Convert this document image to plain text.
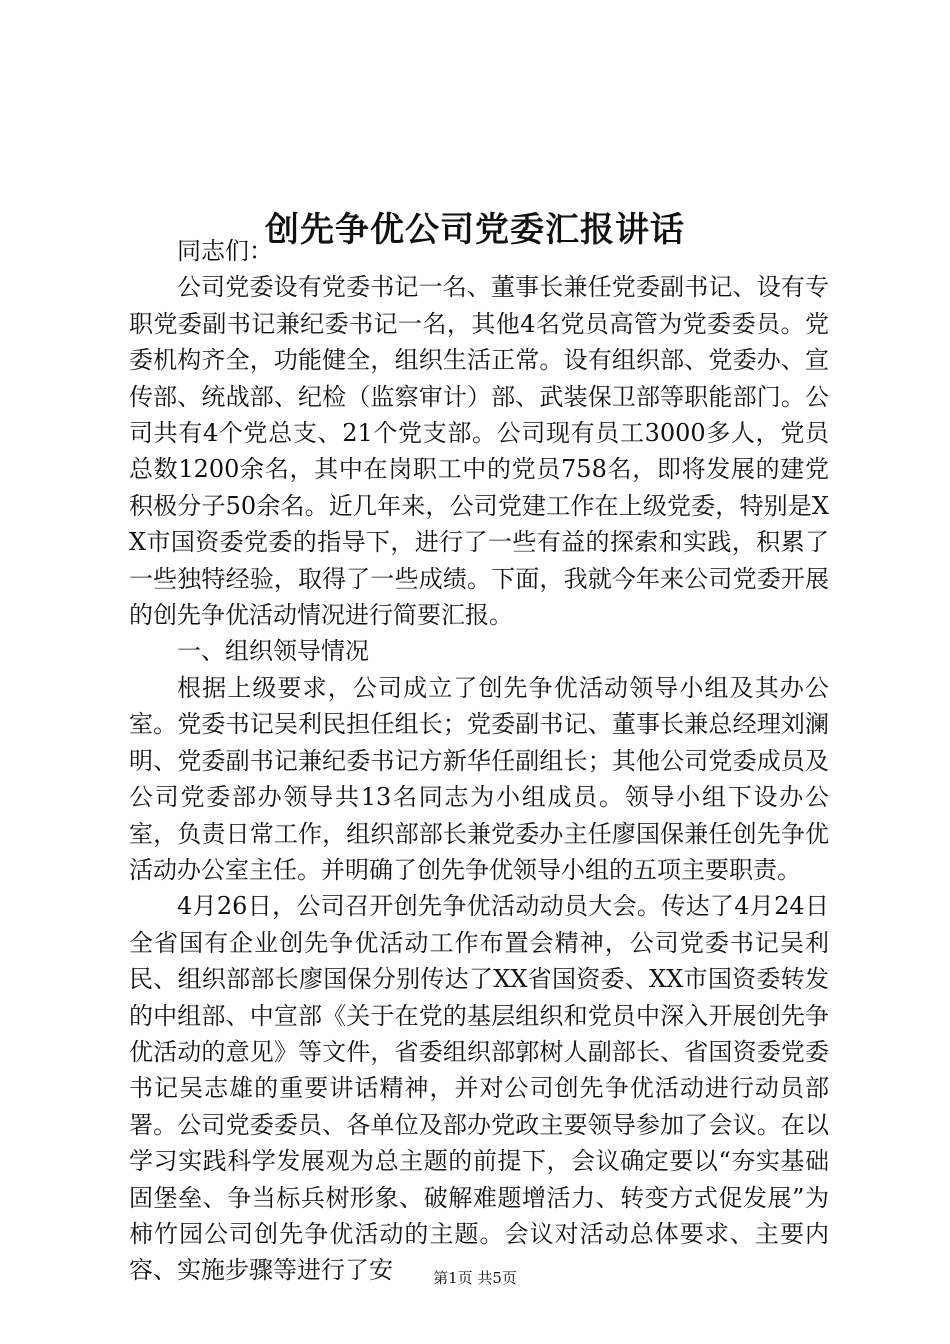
创先争优公司党委汇报讲话

同志们：

公司党委设有党委书记一名、董事长兼任党委副书记、设有专职党委副书记兼纪委书记一名，其他4名党员高管为党委委员。党委机构齐全，功能健全，组织生活正常。设有组织部、党委办、宣传部、统战部、纪检（监察审计）部、武装保卫部等职能部门。公司共有4个党总支、21个党支部。公司现有员工3000多人，党员总数1200余名，其中在岗职工中的党员758名，即将发展的建党积极分子50余名。近几年来，公司党建工作在上级党委，特别是XX市国资委党委的指导下，进行了一些有益的探索和实践，积累了一些独特经验，取得了一些成绩。下面，我就今年来公司党委开展的创先争优活动情况进行简要汇报。

一、组织领导情况

根据上级要求，公司成立了创先争优活动领导小组及其办公室。党委书记吴利民担任组长；党委副书记、董事长兼总经理刘澜明、党委副书记兼纪委书记方新华任副组长；其他公司党委成员及公司党委部办领导共13名同志为小组成员。领导小组下设办公室，负责日常工作，组织部部长兼党委办主任廖国保兼任创先争优活动办公室主任。并明确了创先争优领导小组的五项主要职责。

4月26日，公司召开创先争优活动动员大会。传达了4月24日全省国有企业创先争优活动工作布置会精神，公司党委书记吴利民、组织部部长廖国保分别传达了XX省国资委、XX市国资委转发的中组部、中宣部《关于在党的基层组织和党员中深入开展创先争优活动的意见》等文件，省委组织部郭树人副部长、省国资委党委书记吴志雄的重要讲话精神，并对公司创先争优活动进行动员部署。公司党委委员、各单位及部办党政主要领导参加了会议。在以学习实践科学发展观为总主题的前提下，会议确定要以“夯实基础固堡垒、争当标兵树形象、破解难题增活力、转变方式促发展”为柿竹园公司创先争优活动的主题。会议对活动总体要求、主要内容、实施步骤等进行了安	第1页 共5页
